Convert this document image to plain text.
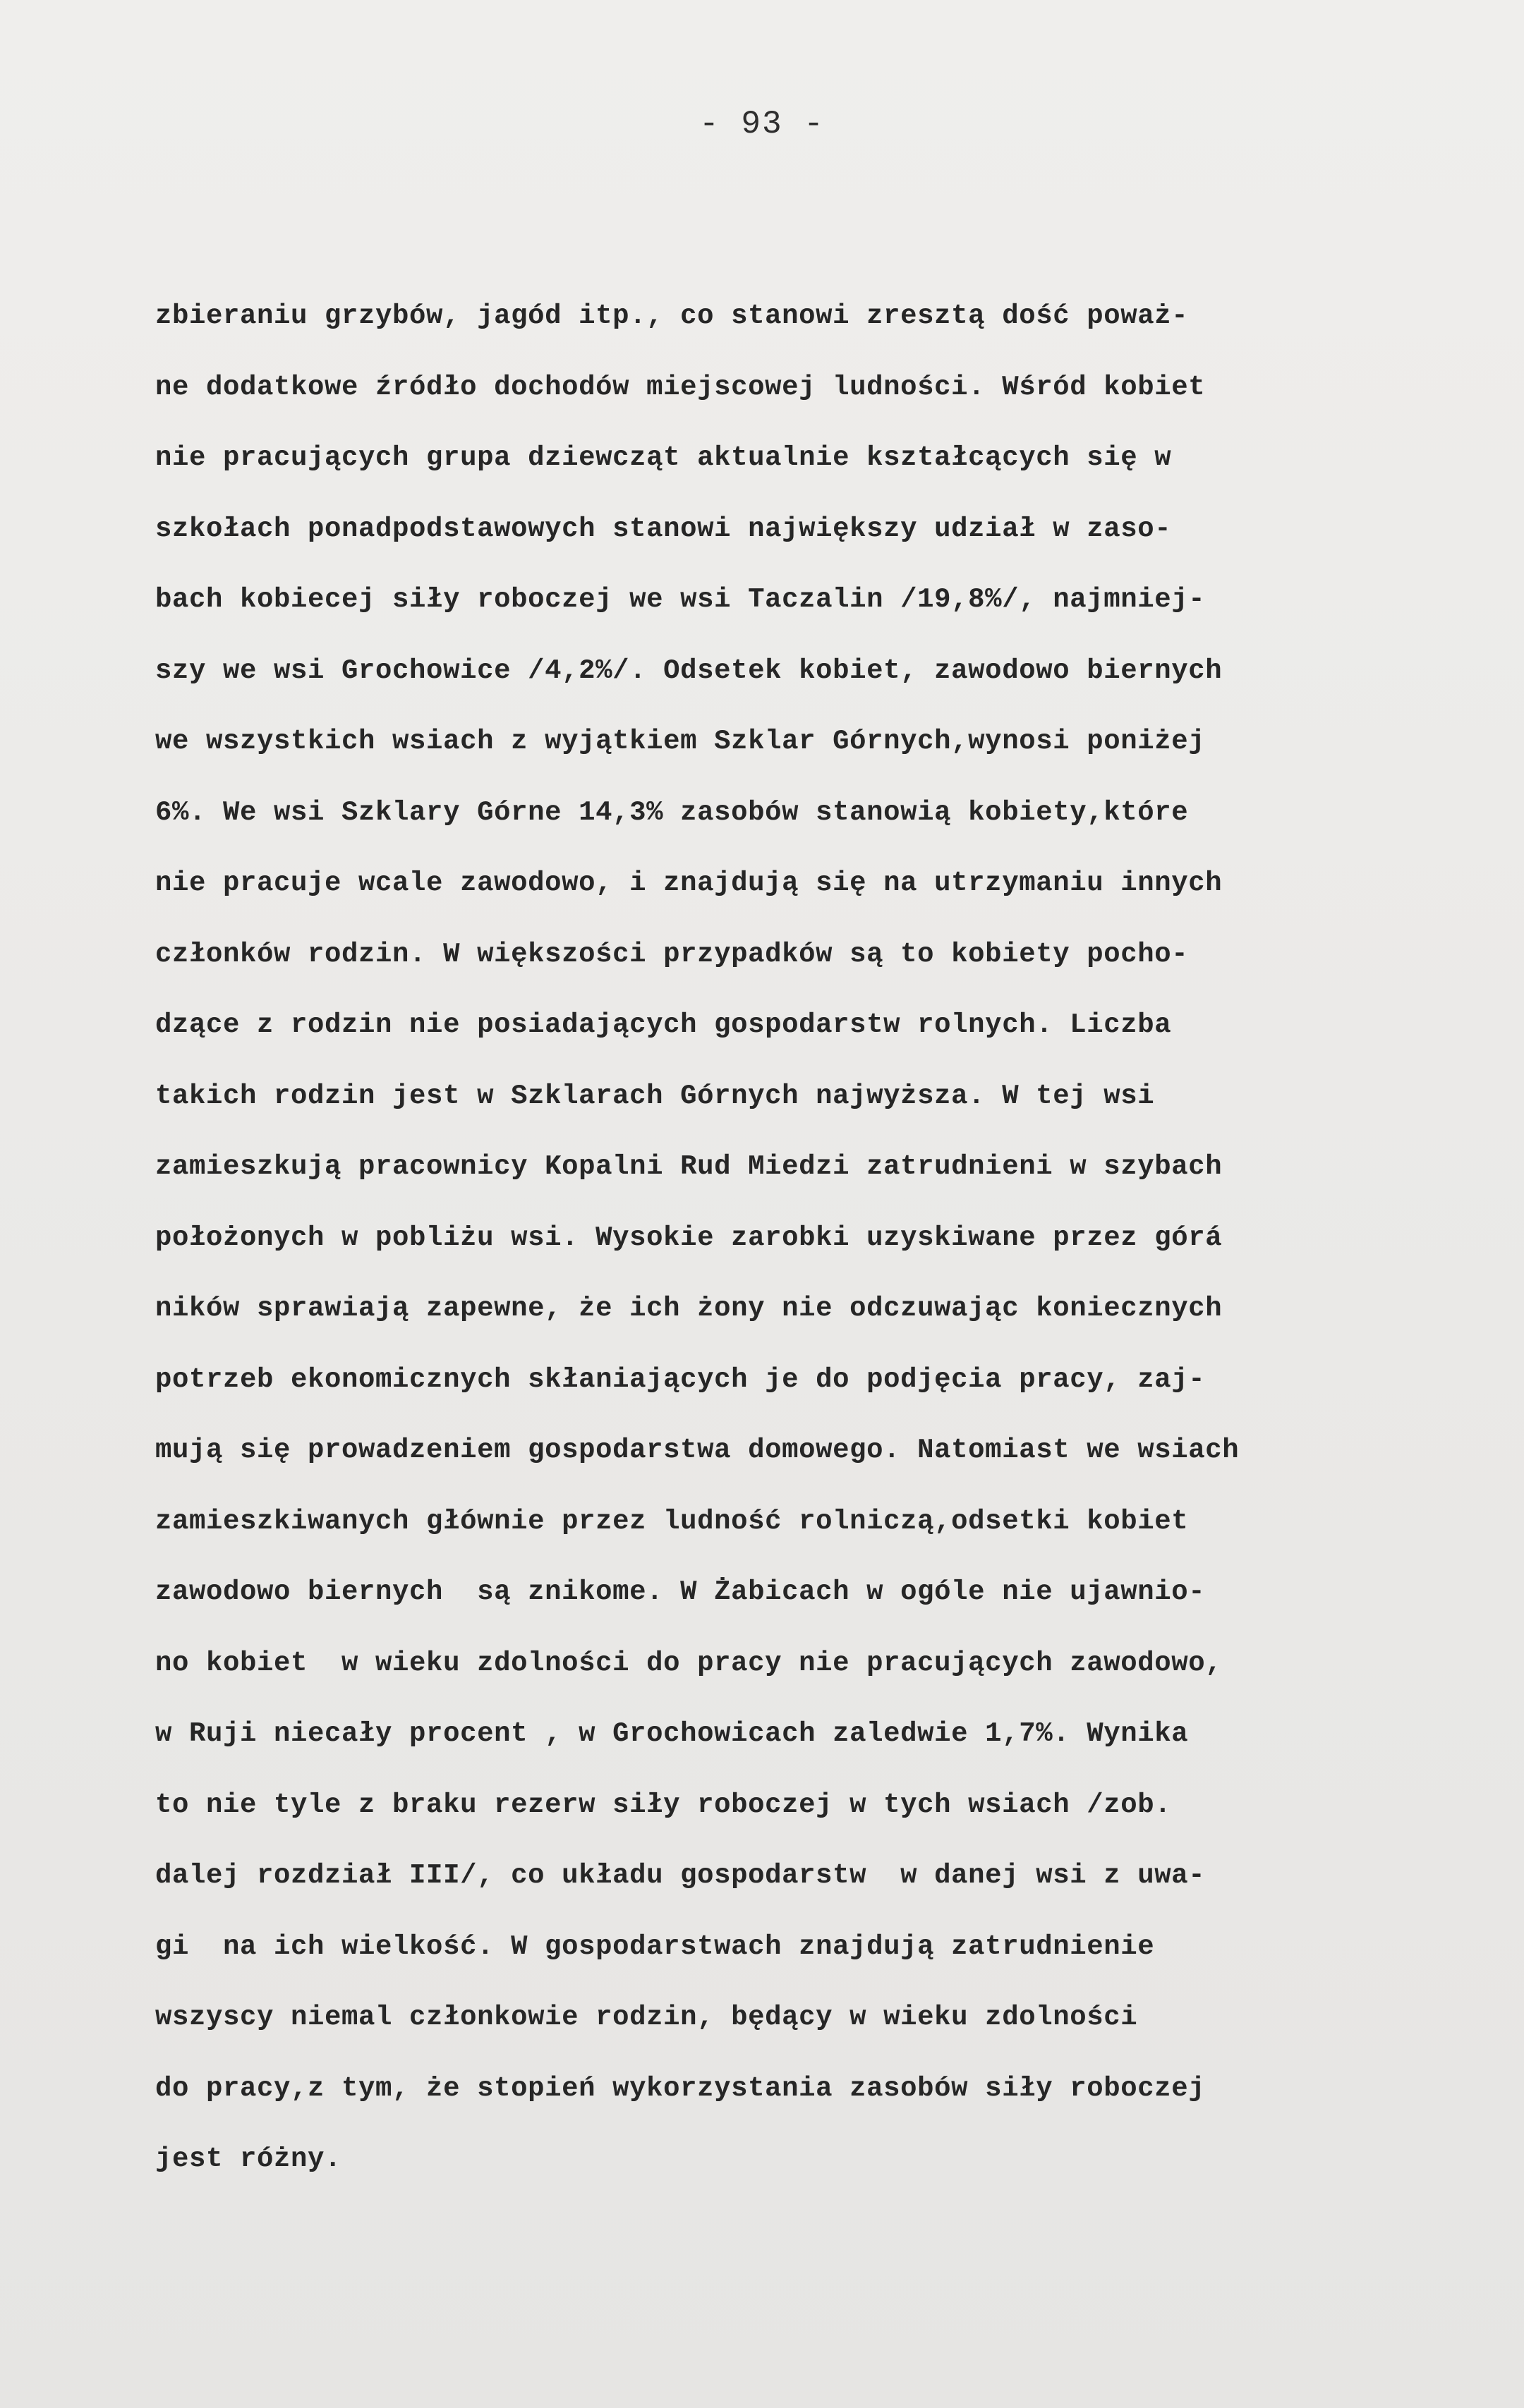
- 93 -
zbieraniu grzybów, jagód itp., co stanowi zresztą dość poważ-
ne dodatkowe źródło dochodów miejscowej ludności. Wśród kobiet
nie pracujących grupa dziewcząt aktualnie kształcących się w
szkołach ponadpodstawowych stanowi największy udział w zaso-
bach kobiecej siły roboczej we wsi Taczalin /19,8%/, najmniej-
szy we wsi Grochowice /4,2%/. Odsetek kobiet, zawodowo biernych
we wszystkich wsiach z wyjątkiem Szklar Górnych,wynosi poniżej
6%. We wsi Szklary Górne 14,3% zasobów stanowią kobiety,które
nie pracuje wcale zawodowo, i znajdują się na utrzymaniu innych
członków rodzin. W większości przypadków są to kobiety pocho-
dzące z rodzin nie posiadających gospodarstw rolnych. Liczba
takich rodzin jest w Szklarach Górnych najwyższa. W tej wsi
zamieszkują pracownicy Kopalni Rud Miedzi zatrudnieni w szybach
położonych w pobliżu wsi. Wysokie zarobki uzyskiwane przez górá
ników sprawiają zapewne, że ich żony nie odczuwając koniecznych
potrzeb ekonomicznych skłaniających je do podjęcia pracy, zaj-
mują się prowadzeniem gospodarstwa domowego. Natomiast we wsiach
zamieszkiwanych głównie przez ludność rolniczą,odsetki kobiet
zawodowo biernych  są znikome. W Żabicach w ogóle nie ujawnio-
no kobiet  w wieku zdolności do pracy nie pracujących zawodowo,
w Ruji niecały procent , w Grochowicach zaledwie 1,7%. Wynika
to nie tyle z braku rezerw siły roboczej w tych wsiach /zob.
dalej rozdział III/, co układu gospodarstw  w danej wsi z uwa-
gi  na ich wielkość. W gospodarstwach znajdują zatrudnienie
wszyscy niemal członkowie rodzin, będący w wieku zdolności
do pracy,z tym, że stopień wykorzystania zasobów siły roboczej
jest różny.
